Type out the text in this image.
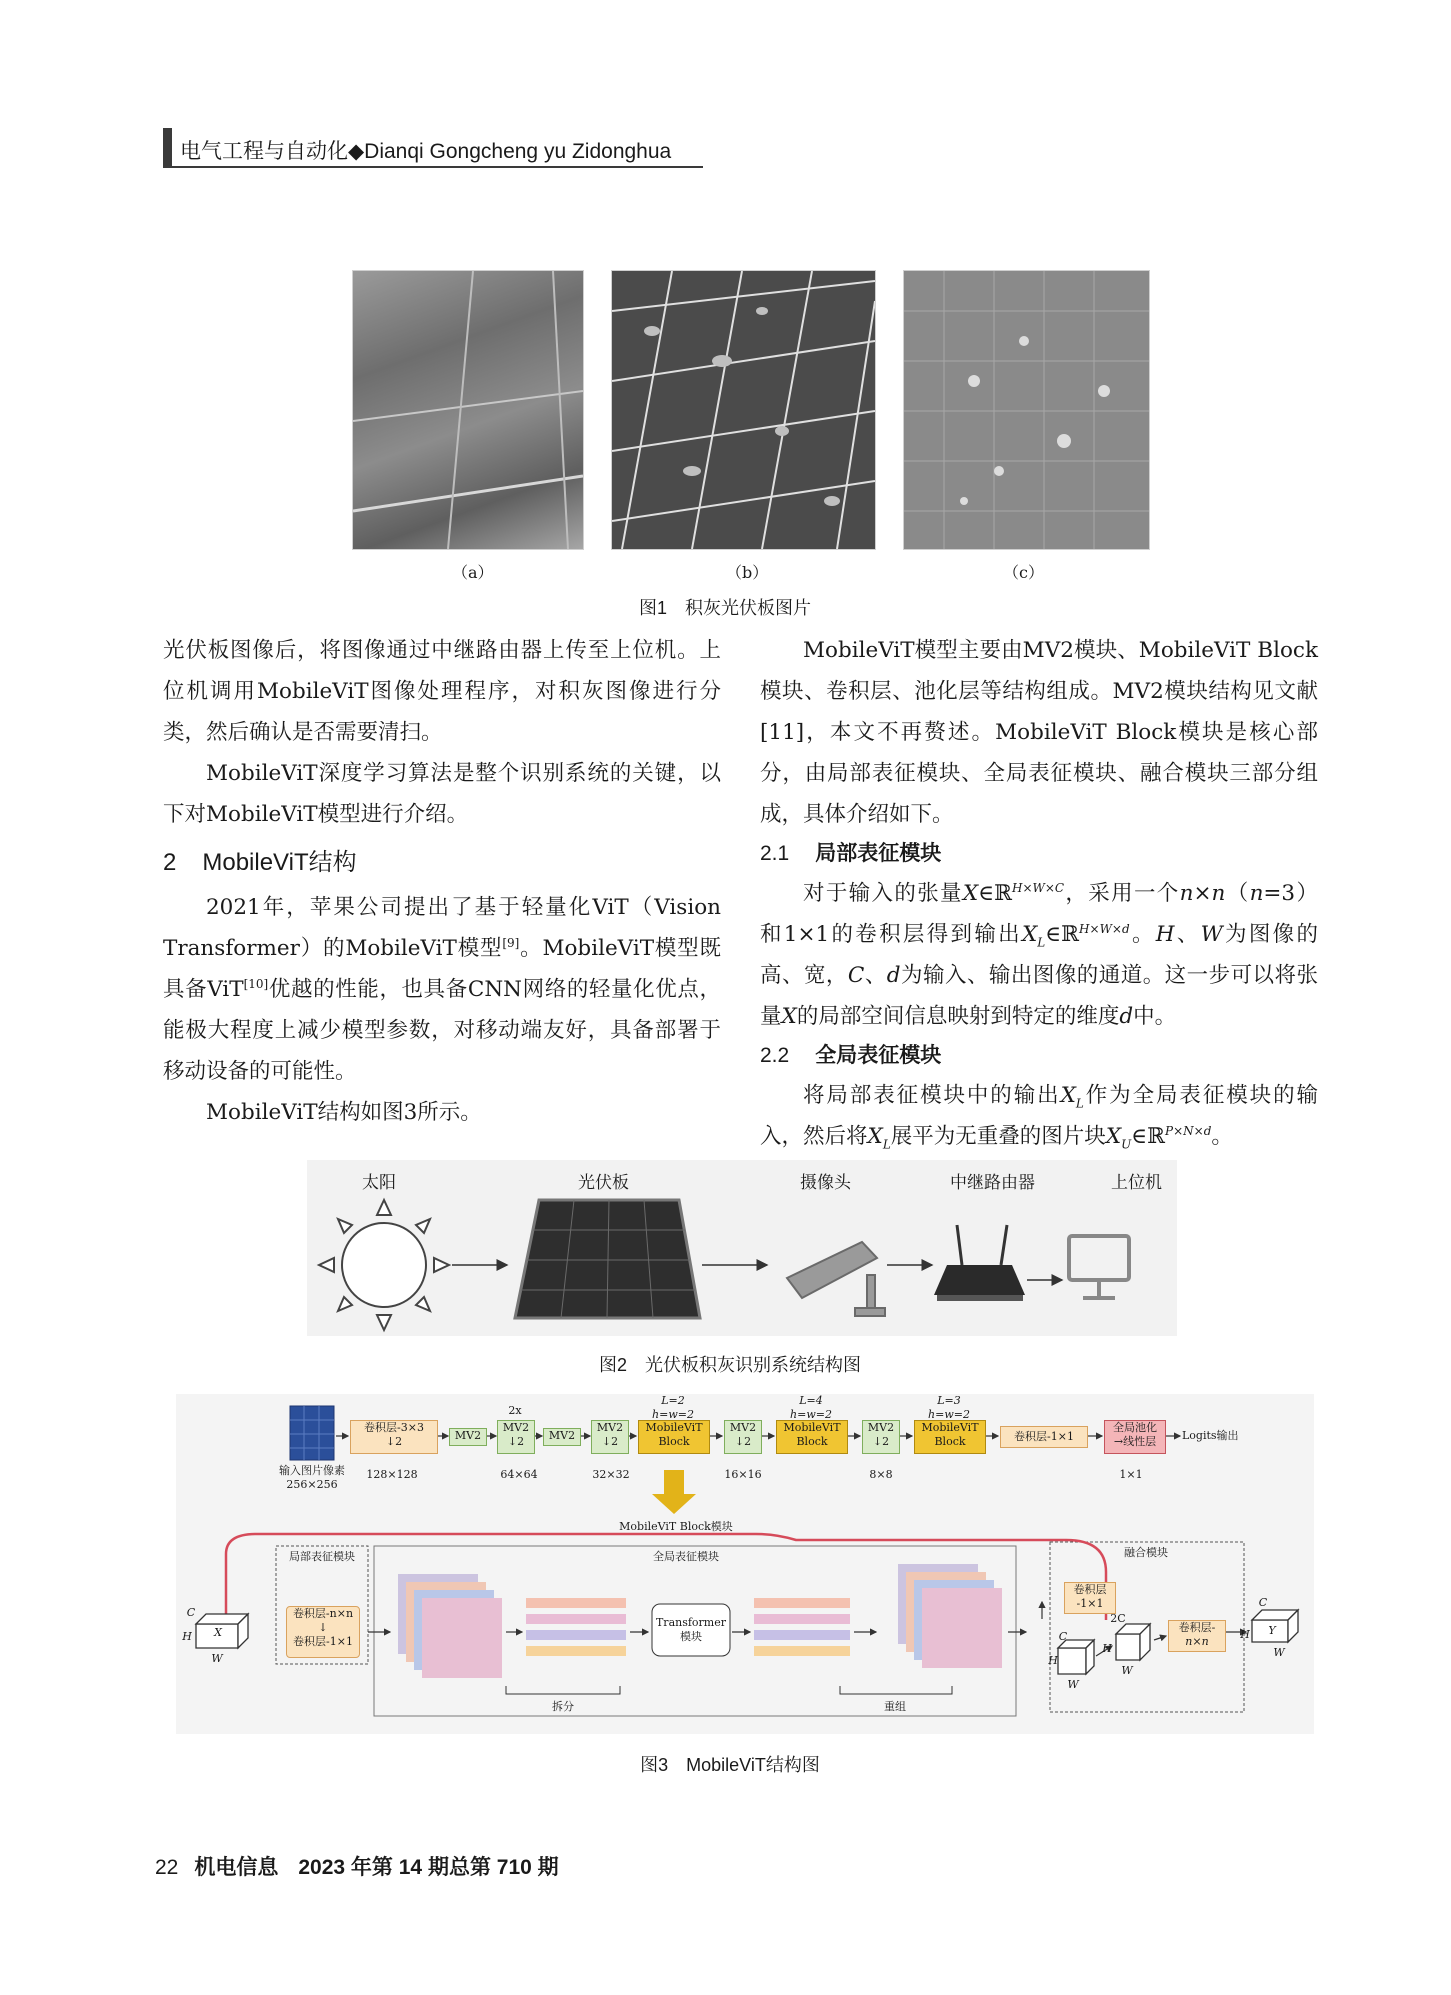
电气工程与自动化◆Dianqi Gongcheng yu Zidonghua
（a）	（b）	（c）
图1　积灰光伏板图片

光伏板图像后，将图像通过中继路由器上传至上位机。上位机调用MobileViT图像处理程序，对积灰图像进行分类，然后确认是否需要清扫。

MobileViT深度学习算法是整个识别系统的关键，以下对MobileViT模型进行介绍。

2 MobileViT结构

2021年，苹果公司提出了基于轻量化ViT（Vision Transformer）的MobileViT模型[9]。MobileViT模型既具备ViT[10]优越的性能，也具备CNN网络的轻量化优点，能极大程度上减少模型参数，对移动端友好，具备部署于移动设备的可能性。

MobileViT结构如图3所示。

MobileViT模型主要由MV2模块、MobileViT Block模块、卷积层、池化层等结构组成。MV2模块结构见文献[11]，本文不再赘述。MobileViT Block模块是核心部分，由局部表征模块、全局表征模块、融合模块三部分组成，具体介绍如下。

2.1 局部表征模块

对于输入的张量X∈ℝ$^{H\times W\times C}$，采用一个n×n（n=3）和1×1的卷积层得到输出$X_L\in ℝ^{H\times W\times d}$。H、W为图像的高、宽，C、d为输入、输出图像的通道。这一步可以将张量X的局部空间信息映射到特定的维度d中。

2.2 全局表征模块

将局部表征模块中的输出$X_L$作为全局表征模块的输入，然后将$X_L$展平为无重叠的图片块$X_U\in ℝ^{P\times N\times d}$。

太阳	光伏板	摄像头	中继路由器	上位机
图2　光伏板积灰识别系统结构图
卷积层-3×3
↓2	MV2
MV2
↓2
2x
MV2
MV2
↓2
MobileViT
Block
L=2
h=w=2
MV2
↓2
MobileViT
Block
L=4
h=w=2
MV2
↓2
MobileViT
Block
L=3
h=w=2
卷积层-1×1
全局池化
→线性层	Logits输出
输入图片像素
256×256
128×128	64×64	32×32	16×16	8×8	1×1
MobileViT Block模块
局部表征模块	全局表征模块	融合模块
卷积层-n×n
↓
卷积层-1×1
Transformer
模块
拆分	重组
卷积层
-1×1
卷积层-
n×n
2C
X
C
H
W
Y
C
H
W
C
H
W
H
W
图3　MobileViT结构图
22 机电信息 2023 年第 14 期总第 710 期
